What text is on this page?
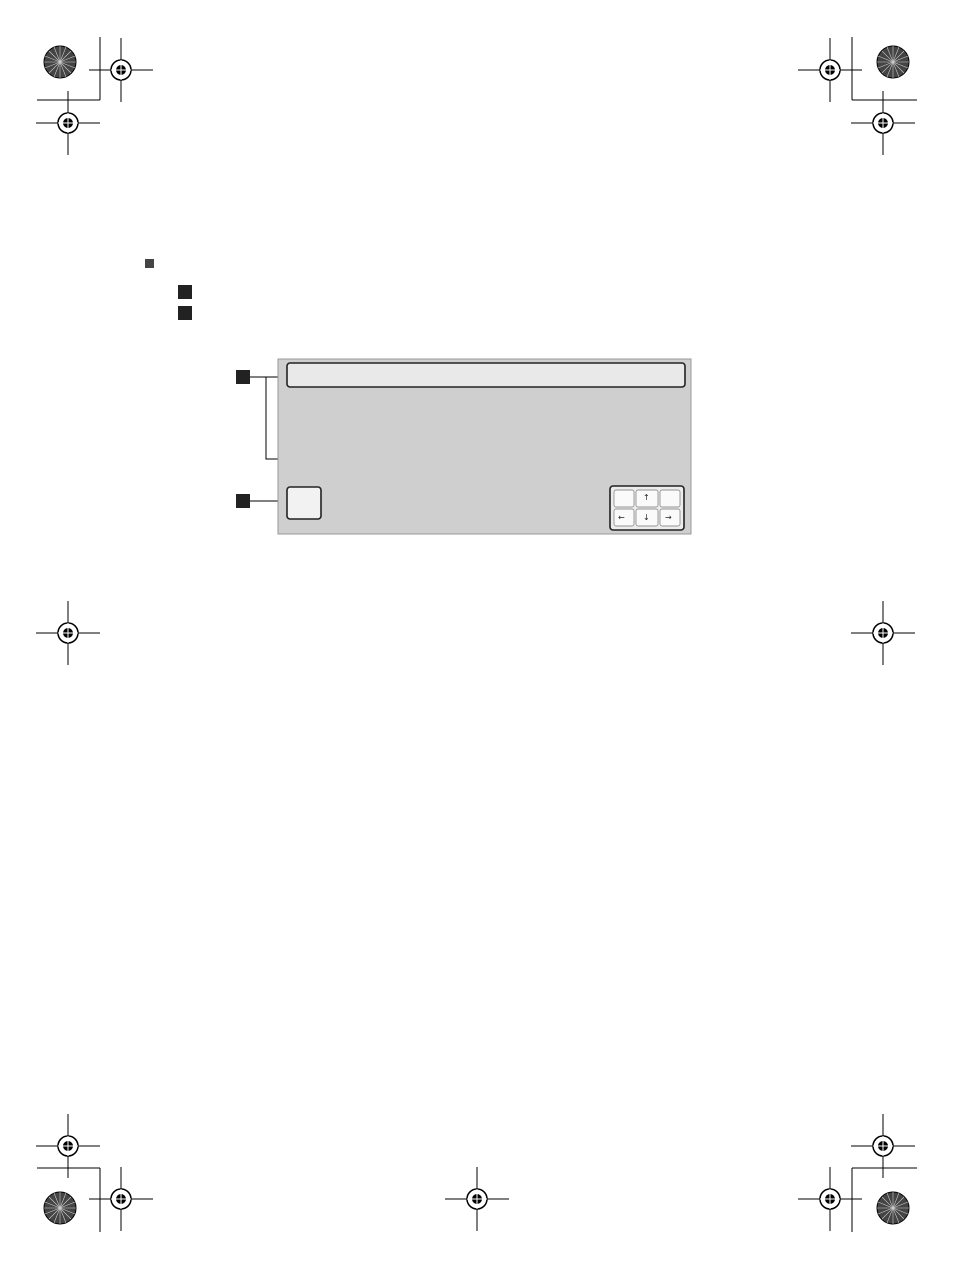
↑
← ↓ →
